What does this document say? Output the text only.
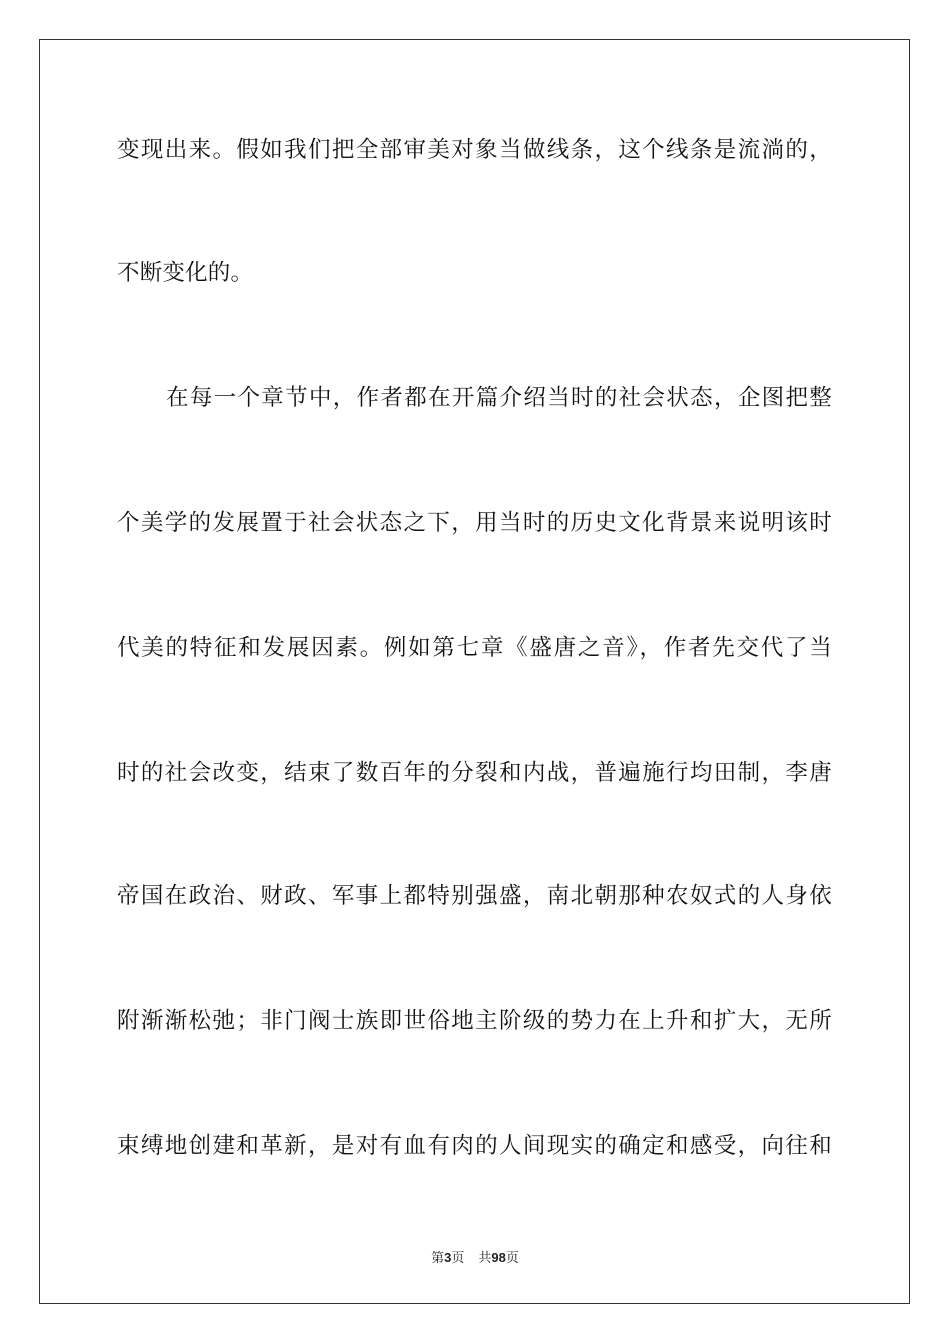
变现出来。假如我们把全部审美对象当做线条，这个线条是流淌的，
不断变化的。
在每一个章节中，作者都在开篇介绍当时的社会状态，企图把整
个美学的发展置于社会状态之下，用当时的历史文化背景来说明该时
代美的特征和发展因素。例如第七章《盛唐之音》，作者先交代了当
时的社会改变，结束了数百年的分裂和内战，普遍施行均田制，李唐
帝国在政治、财政、军事上都特别强盛，南北朝那种农奴式的人身依
附渐渐松弛；非门阀士族即世俗地主阶级的势力在上升和扩大，无所
束缚地创建和革新，是对有血有肉的人间现实的确定和感受，向往和
第3页 共98页
